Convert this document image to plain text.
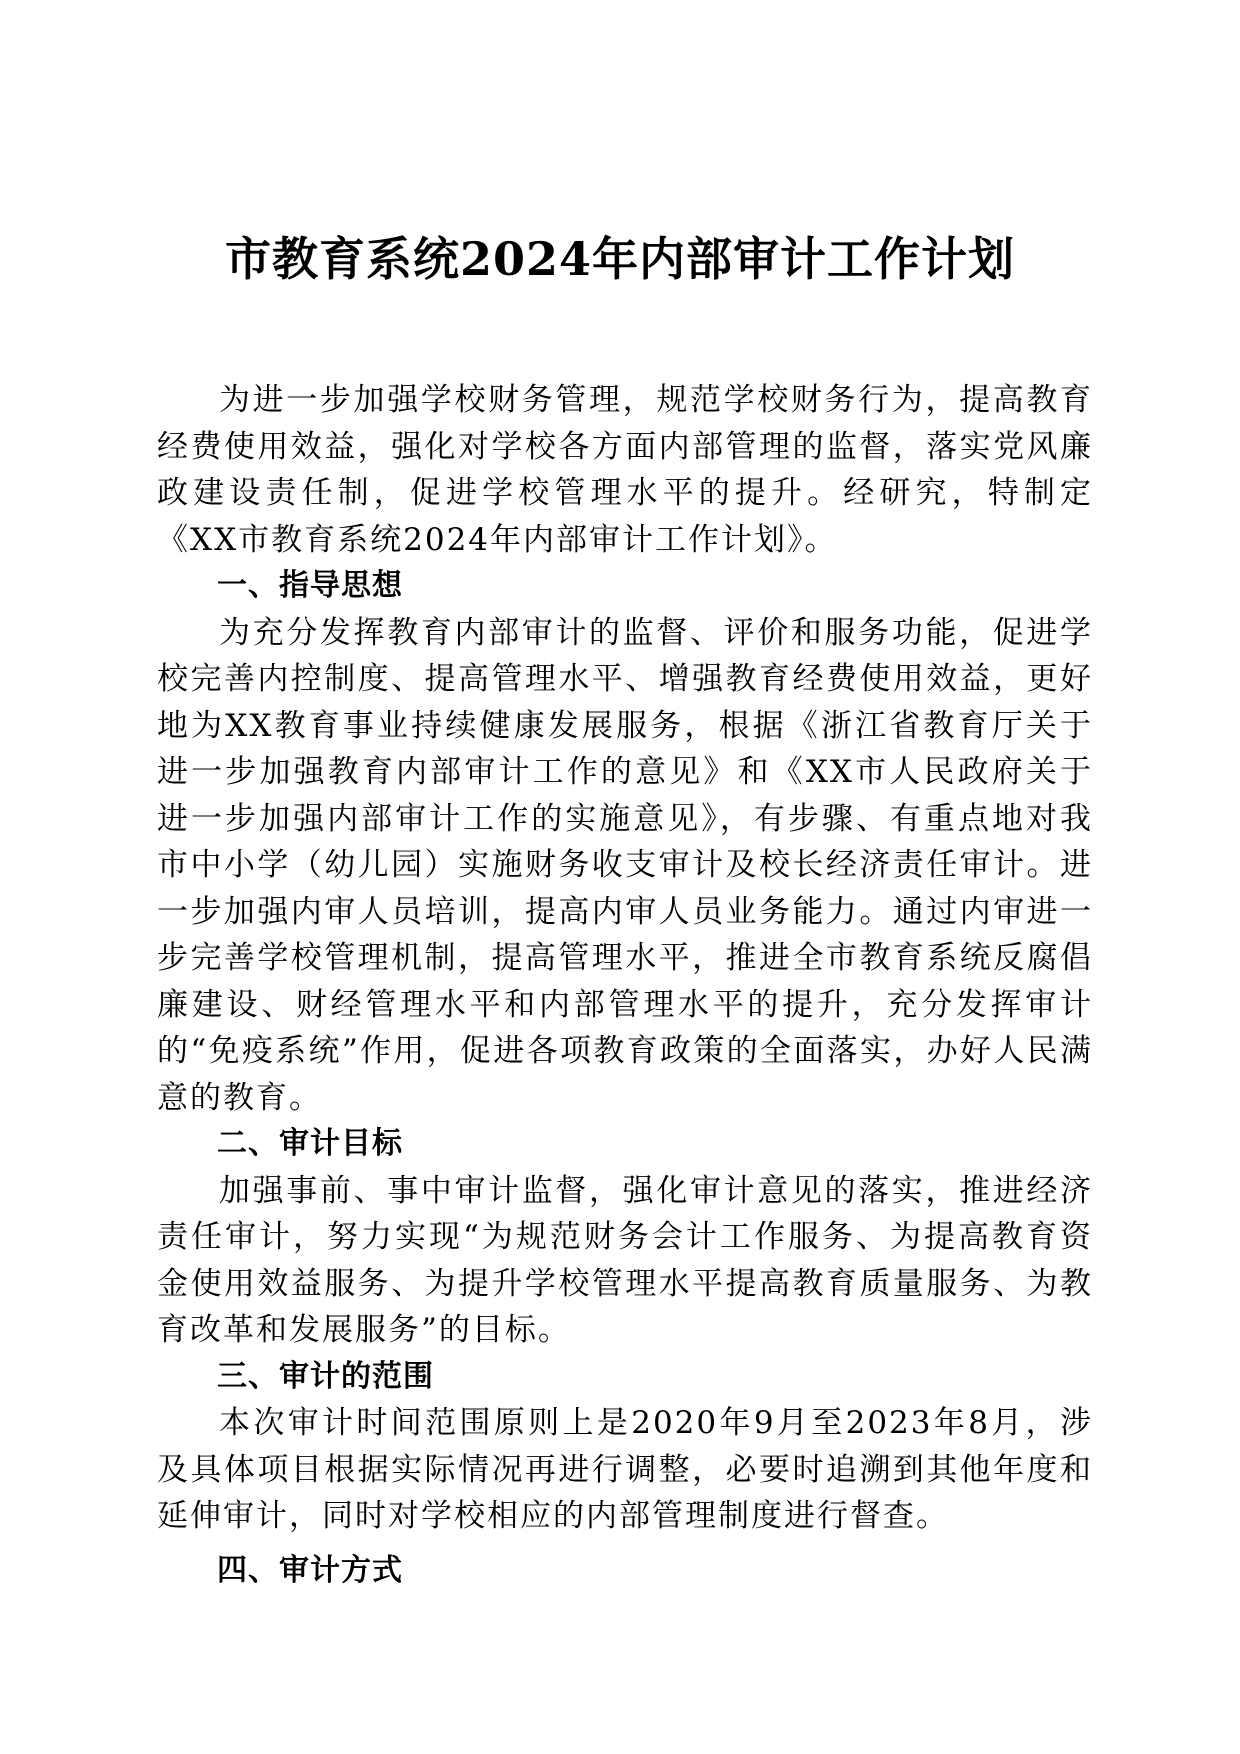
市教育系统2024年内部审计工作计划

为进一步加强学校财务管理，规范学校财务行为，提高教育经费使用效益，强化对学校各方面内部管理的监督，落实党风廉政建设责任制，促进学校管理水平的提升。经研究，特制定《XX市教育系统2024年内部审计工作计划》。

一、指导思想

为充分发挥教育内部审计的监督、评价和服务功能，促进学校完善内控制度、提高管理水平、增强教育经费使用效益，更好地为XX教育事业持续健康发展服务，根据《浙江省教育厅关于进一步加强教育内部审计工作的意见》和《XX市人民政府关于进一步加强内部审计工作的实施意见》，有步骤、有重点地对我市中小学（幼儿园）实施财务收支审计及校长经济责任审计。进一步加强内审人员培训，提高内审人员业务能力。通过内审进一步完善学校管理机制，提高管理水平，推进全市教育系统反腐倡廉建设、财经管理水平和内部管理水平的提升，充分发挥审计的“免疫系统”作用，促进各项教育政策的全面落实，办好人民满意的教育。

二、审计目标

加强事前、事中审计监督，强化审计意见的落实，推进经济责任审计，努力实现“为规范财务会计工作服务、为提高教育资金使用效益服务、为提升学校管理水平提高教育质量服务、为教育改革和发展服务”的目标。

三、审计的范围

本次审计时间范围原则上是2020年9月至2023年8月，涉及具体项目根据实际情况再进行调整，必要时追溯到其他年度和延伸审计，同时对学校相应的内部管理制度进行督查。

四、审计方式
